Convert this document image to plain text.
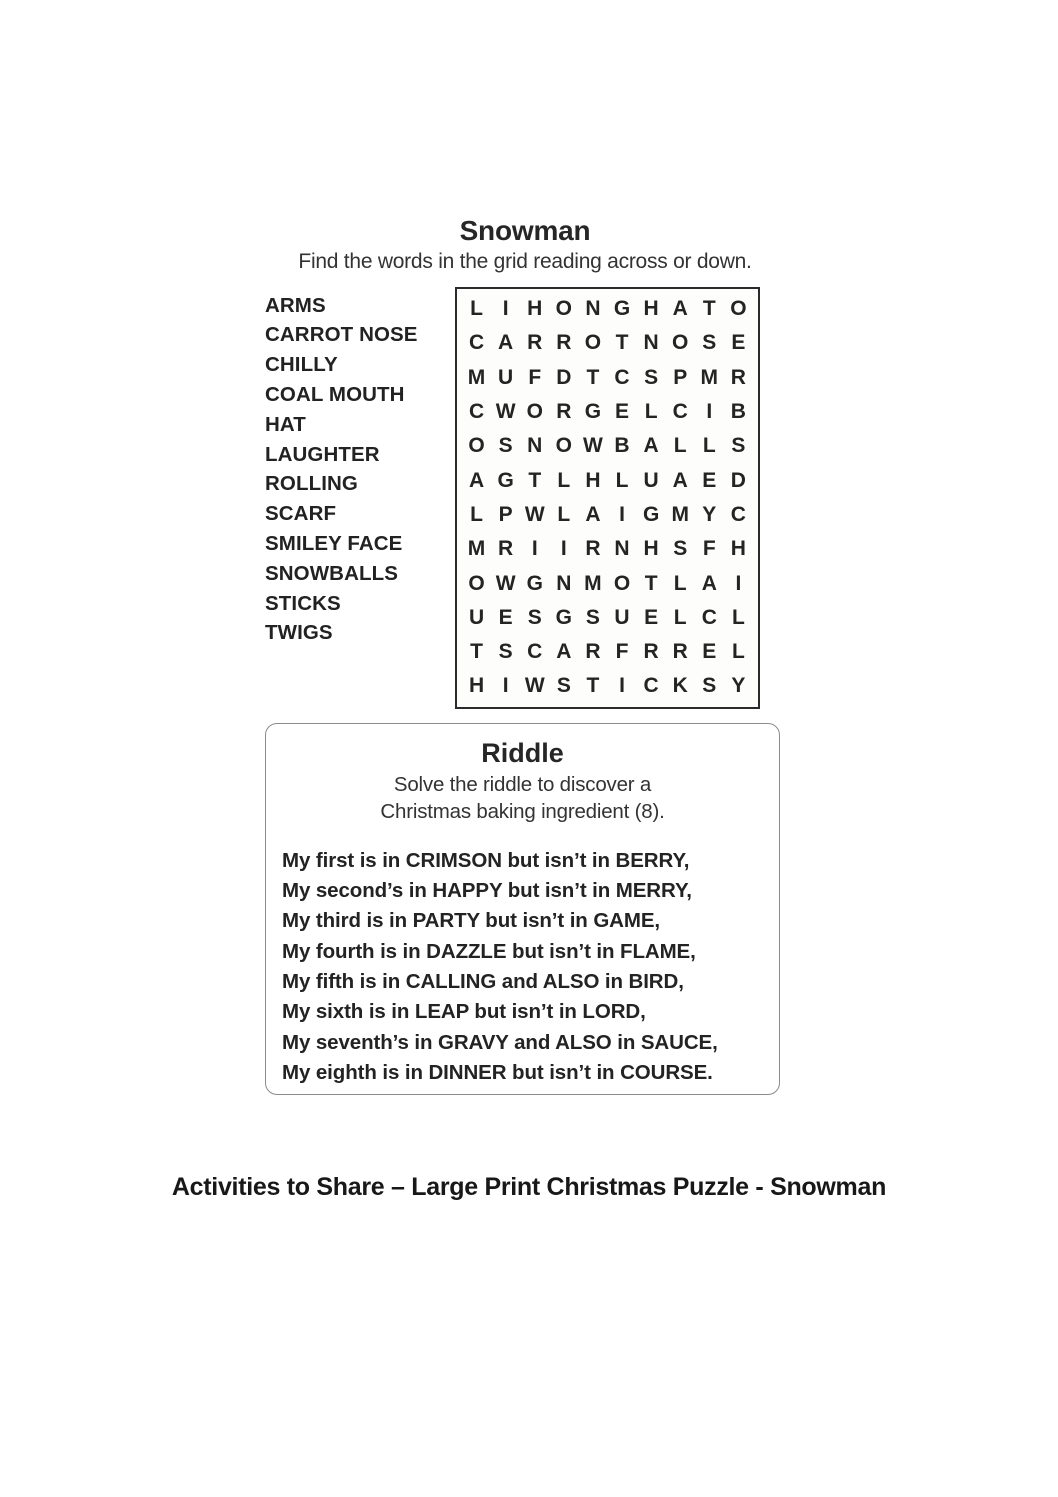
Snowman

Find the words in the grid reading across or down.

ARMS
CARROT NOSE
CHILLY
COAL MOUTH
HAT
LAUGHTER
ROLLING
SCARF
SMILEY FACE
SNOWBALLS
STICKS
TWIGS
L I H O N G H A T O
C A R R O T N O S E
M U F D T C S P M R
C W O R G E L C I B
O S N O W B A L L S
A G T L H L U A E D
L P W L A I G M Y C
M R I	I R N H S F H
O W G N M O T L A I
U E S G S U E L C L
T S C A R F R R E L
H I W S T I C K S Y
Riddle
Solve the riddle to discover a
Christmas baking ingredient (8).
My first is in CRIMSON but isn’t in BERRY,
My second’s in HAPPY but isn’t in MERRY,
My third is in PARTY but isn’t in GAME,
My fourth is in DAZZLE but isn’t in FLAME,
My fifth is in CALLING and ALSO in BIRD,
My sixth is in LEAP but isn’t in LORD,
My seventh’s in GRAVY and ALSO in SAUCE,
My eighth is in DINNER but isn’t in COURSE.
Activities to Share – Large Print Christmas Puzzle - Snowman
